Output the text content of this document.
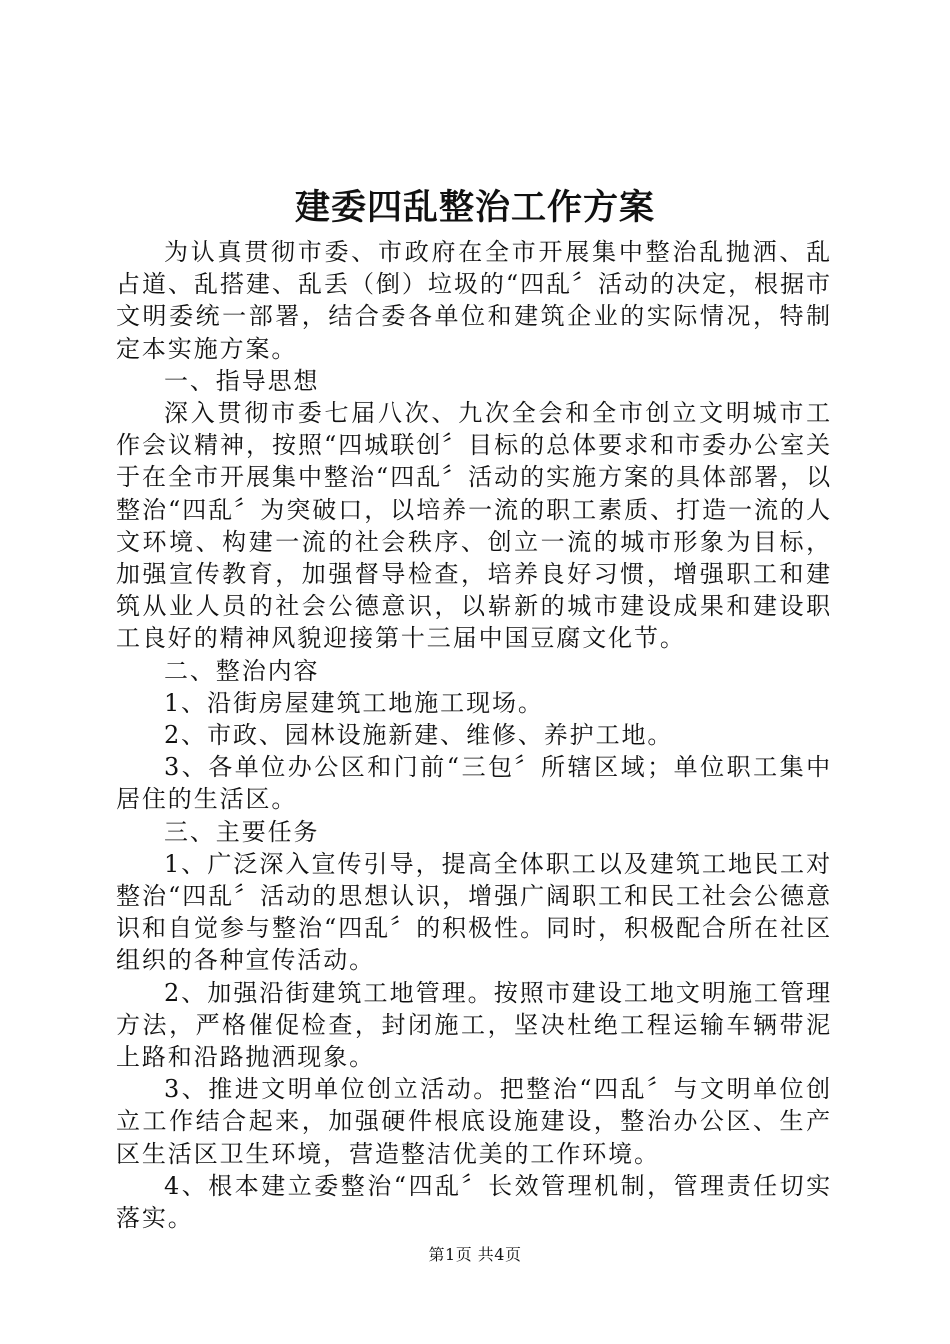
建委四乱整治工作方案

为认真贯彻市委、市政府在全市开展集中整治乱抛洒、乱占道、乱搭建、乱丢（倒）垃圾的“四乱〞活动的决定，根据市文明委统一部署，结合委各单位和建筑企业的实际情况，特制定本实施方案。

一、指导思想

深入贯彻市委七届八次、九次全会和全市创立文明城市工作会议精神，按照“四城联创〞目标的总体要求和市委办公室关于在全市开展集中整治“四乱〞活动的实施方案的具体部署，以整治“四乱〞为突破口，以培养一流的职工素质、打造一流的人文环境、构建一流的社会秩序、创立一流的城市形象为目标，加强宣传教育，加强督导检查，培养良好习惯，增强职工和建筑从业人员的社会公德意识，以崭新的城市建设成果和建设职工良好的精神风貌迎接第十三届中国豆腐文化节。

二、整治内容

1、沿街房屋建筑工地施工现场。

2、市政、园林设施新建、维修、养护工地。

3、各单位办公区和门前“三包〞所辖区域；单位职工集中居住的生活区。

三、主要任务

1、广泛深入宣传引导，提高全体职工以及建筑工地民工对整治“四乱〞活动的思想认识，增强广阔职工和民工社会公德意识和自觉参与整治“四乱〞的积极性。同时，积极配合所在社区组织的各种宣传活动。

2、加强沿街建筑工地管理。按照市建设工地文明施工管理方法，严格催促检查，封闭施工，坚决杜绝工程运输车辆带泥上路和沿路抛洒现象。

3、推进文明单位创立活动。把整治“四乱〞与文明单位创立工作结合起来，加强硬件根底设施建设，整治办公区、生产区生活区卫生环境，营造整洁优美的工作环境。

4、根本建立委整治“四乱〞长效管理机制，管理责任切实落实。

第1页 共4页
